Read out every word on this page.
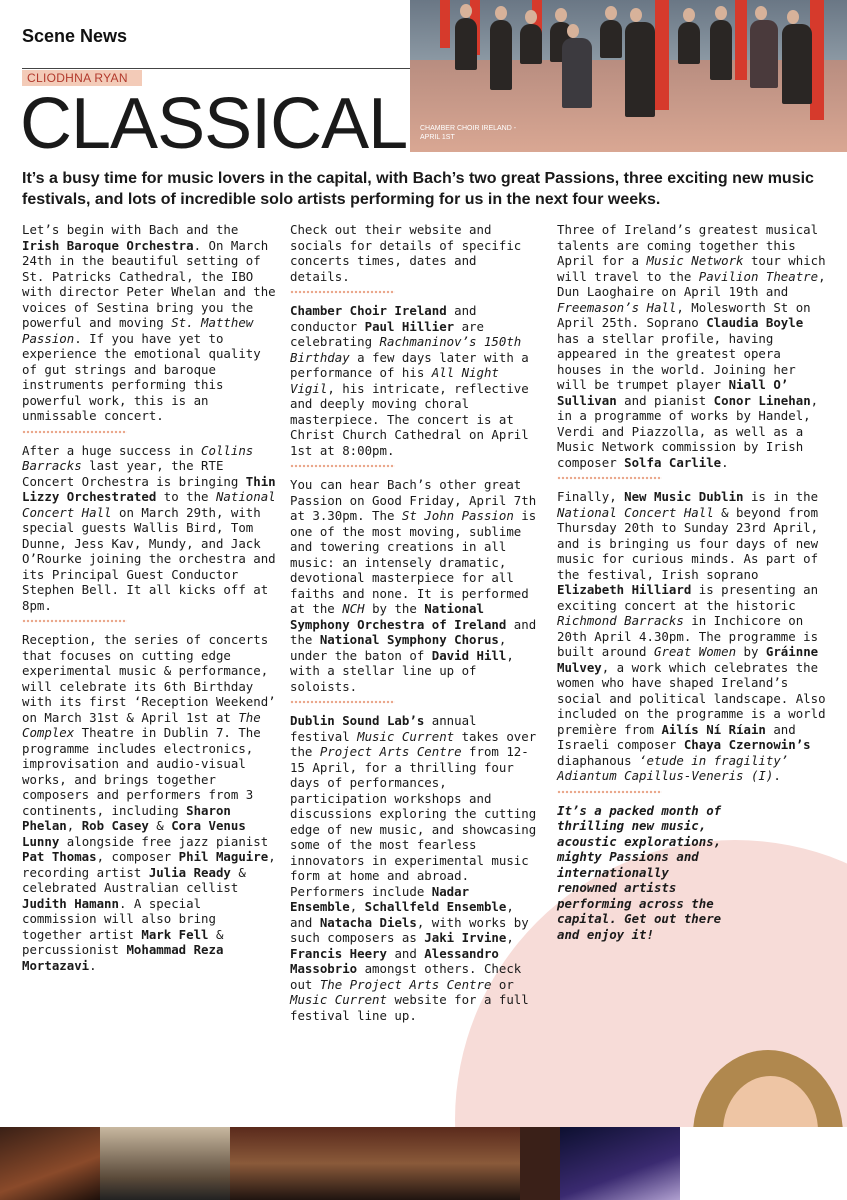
Scene News
CLIODHNA RYAN
CLASSICAL CHAMBER CHOIR IRELAND -
APRIL 1ST
It’s a busy time for music lovers in the capital, with Bach’s two great Passions, three exciting new music festivals, and lots of incredible solo artists performing for us in the next four weeks.

Let’s begin with Bach and the Irish Baroque Orchestra. On March 24th in the beautiful setting of St. Patricks Cathedral, the IBO with director Peter Whelan and the voices of Sestina bring you the powerful and moving St. Matthew Passion. If you have yet to experience the emotional quality of gut strings and baroque instruments performing this powerful work, this is an unmissable concert.

After a huge success in Collins Barracks last year, the RTE Concert Orchestra is bringing Thin Lizzy Orchestrated to the National Concert Hall on March 29th, with special guests Wallis Bird, Tom Dunne, Jess Kav, Mundy, and Jack O’Rourke joining the orchestra and its Principal Guest Conductor Stephen Bell. It all kicks off at 8pm.

Reception, the series of concerts that focuses on cutting edge experimental music & performance, will celebrate its 6th Birthday with its first ‘Reception Weekend’ on March 31st & April 1st at The Complex Theatre in Dublin 7. The programme includes electronics, improvisation and audio-visual works, and brings together composers and performers from 3 continents, including Sharon Phelan, Rob Casey & Cora Venus Lunny alongside free jazz pianist Pat Thomas, composer Phil Maguire, recording artist Julia Ready & celebrated Australian cellist Judith Hamann. A special commission will also bring together artist Mark Fell & percussionist Mohammad Reza Mortazavi.

Check out their website and socials for details of specific concerts times, dates and details.

Chamber Choir Ireland and conductor Paul Hillier are celebrating Rachmaninov’s 150th Birthday a few days later with a performance of his All Night Vigil, his intricate, reflective and deeply moving choral masterpiece. The concert is at Christ Church Cathedral on April 1st at 8:00pm.

You can hear Bach’s other great Passion on Good Friday, April 7th at 3.30pm. The St John Passion is one of the most moving, sublime and towering creations in all music: an intensely dramatic, devotional masterpiece for all faiths and none. It is performed at the NCH by the National Symphony Orchestra of Ireland and the National Symphony Chorus, under the baton of David Hill, with a stellar line up of soloists.

Dublin Sound Lab’s annual festival Music Current takes over the Project Arts Centre from 12-15 April, for a thrilling four days of performances, participation workshops and discussions exploring the cutting edge of new music, and showcasing some of the most fearless innovators in experimental music form at home and abroad. Performers include Nadar Ensemble, Schallfeld Ensemble, and Natacha Diels, with works by such composers as Jaki Irvine, Francis Heery and Alessandro Massobrio amongst others. Check out The Project Arts Centre or Music Current website for a full festival line up.

Three of Ireland’s greatest musical talents are coming together this April for a Music Network tour which will travel to the Pavilion Theatre, Dun Laoghaire on April 19th and Freemason’s Hall, Molesworth St on April 25th. Soprano Claudia Boyle has a stellar profile, having appeared in the greatest opera houses in the world. Joining her will be trumpet player Niall O’ Sullivan and pianist Conor Linehan, in a programme of works by Handel, Verdi and Piazzolla, as well as a Music Network commission by Irish composer Solfa Carlile.

Finally, New Music Dublin is in the National Concert Hall & beyond from Thursday 20th to Sunday 23rd April, and is bringing us four days of new music for curious minds. As part of the festival, Irish soprano Elizabeth Hilliard is presenting an exciting concert at the historic Richmond Barracks in Inchicore on 20th April 4.30pm. The programme is built around Great Women by Gráinne Mulvey, a work which celebrates the women who have shaped Ireland’s social and political landscape. Also included on the programme is a world première from Ailís Ní Ríain and Israeli composer Chaya Czernowin’s diaphanous ‘etude in fragility’ Adiantum Capillus-Veneris (I).

It’s a packed month of thrilling new music, acoustic explorations, mighty Passions and internationally renowned artists performing across the capital. Get out there and enjoy it!
